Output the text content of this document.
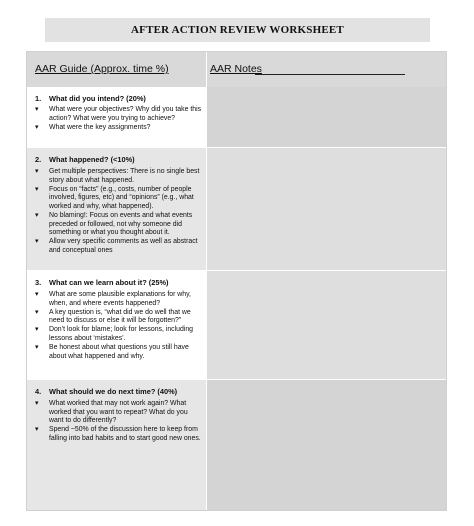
AFTER ACTION REVIEW WORKSHEET
AAR Guide (Approx. time %)	AAR Notes
1. What did you intend? (20%)
▾	What were your objectives? Why did you take this action? What were you trying to achieve?
▾	What were the key assignments?
2. What happened? (<10%)
▾	Get multiple perspectives: There is no single best story about what happened.
▾	Focus on “facts” (e.g., costs, number of people involved, figures, etc) and “opinions” (e.g., what worked and why, what happened).
▾	No blaming!: Focus on events and what events preceded or followed, not why someone did something or what you thought about it.
▾	Allow very specific comments as well as abstract and conceptual ones
3. What can we learn about it? (25%)
▾	What are some plausible explanations for why, when, and where events happened?
▾	A key question is, “what did we do well that we need to discuss or else it will be forgotten?”
▾	Don’t look for blame; look for lessons, including lessons about ‘mistakes’.
▾	Be honest about what questions you still have about what happened and why.
4. What should we do next time? (40%)
▾	What worked that may not work again? What worked that you want to repeat? What do you want to do differently?
▾	Spend ~50% of the discussion here to keep from falling into bad habits and to start good new ones.
